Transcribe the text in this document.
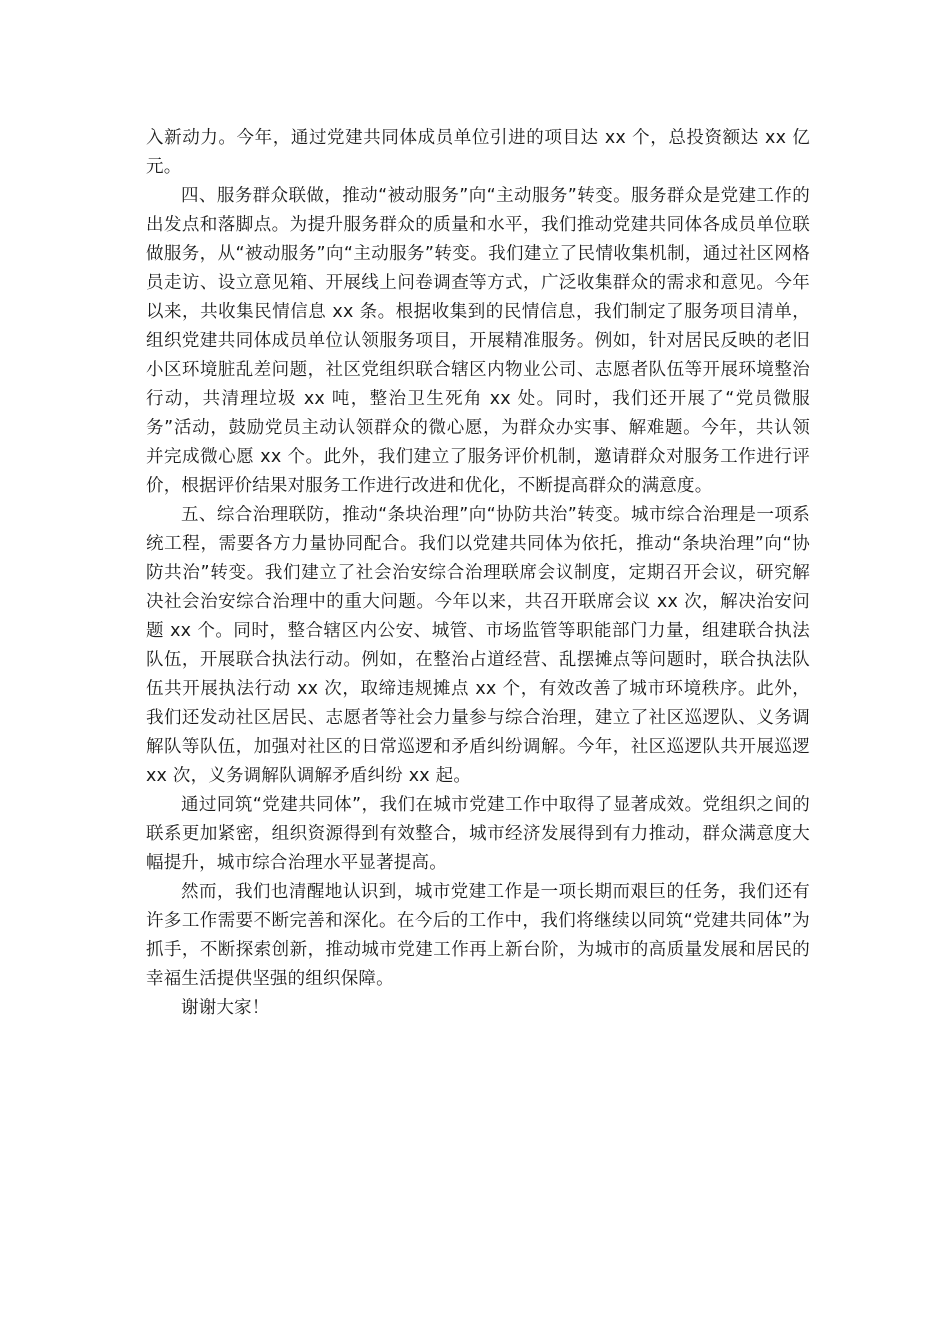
入新动力。今年，通过党建共同体成员单位引进的项目达 xx 个，总投资额达 xx 亿元。

四、服务群众联做，推动“被动服务”向“主动服务”转变。服务群众是党建工作的出发点和落脚点。为提升服务群众的质量和水平，我们推动党建共同体各成员单位联做服务，从“被动服务”向“主动服务”转变。我们建立了民情收集机制，通过社区网格员走访、设立意见箱、开展线上问卷调查等方式，广泛收集群众的需求和意见。今年以来，共收集民情信息 xx 条。根据收集到的民情信息，我们制定了服务项目清单，组织党建共同体成员单位认领服务项目，开展精准服务。例如，针对居民反映的老旧小区环境脏乱差问题，社区党组织联合辖区内物业公司、志愿者队伍等开展环境整治行动，共清理垃圾 xx 吨，整治卫生死角 xx 处。同时，我们还开展了“党员微服务”活动，鼓励党员主动认领群众的微心愿，为群众办实事、解难题。今年，共认领并完成微心愿 xx 个。此外，我们建立了服务评价机制，邀请群众对服务工作进行评价，根据评价结果对服务工作进行改进和优化，不断提高群众的满意度。

五、综合治理联防，推动“条块治理”向“协防共治”转变。城市综合治理是一项系统工程，需要各方力量协同配合。我们以党建共同体为依托，推动“条块治理”向“协防共治”转变。我们建立了社会治安综合治理联席会议制度，定期召开会议，研究解决社会治安综合治理中的重大问题。今年以来，共召开联席会议 xx 次，解决治安问题 xx 个。同时，整合辖区内公安、城管、市场监管等职能部门力量，组建联合执法队伍，开展联合执法行动。例如，在整治占道经营、乱摆摊点等问题时，联合执法队伍共开展执法行动 xx 次，取缔违规摊点 xx 个，有效改善了城市环境秩序。此外，我们还发动社区居民、志愿者等社会力量参与综合治理，建立了社区巡逻队、义务调解队等队伍，加强对社区的日常巡逻和矛盾纠纷调解。今年，社区巡逻队共开展巡逻 xx 次，义务调解队调解矛盾纠纷 xx 起。

通过同筑“党建共同体”，我们在城市党建工作中取得了显著成效。党组织之间的联系更加紧密，组织资源得到有效整合，城市经济发展得到有力推动，群众满意度大幅提升，城市综合治理水平显著提高。

然而，我们也清醒地认识到，城市党建工作是一项长期而艰巨的任务，我们还有许多工作需要不断完善和深化。在今后的工作中，我们将继续以同筑“党建共同体”为抓手，不断探索创新，推动城市党建工作再上新台阶，为城市的高质量发展和居民的幸福生活提供坚强的组织保障。

谢谢大家！
